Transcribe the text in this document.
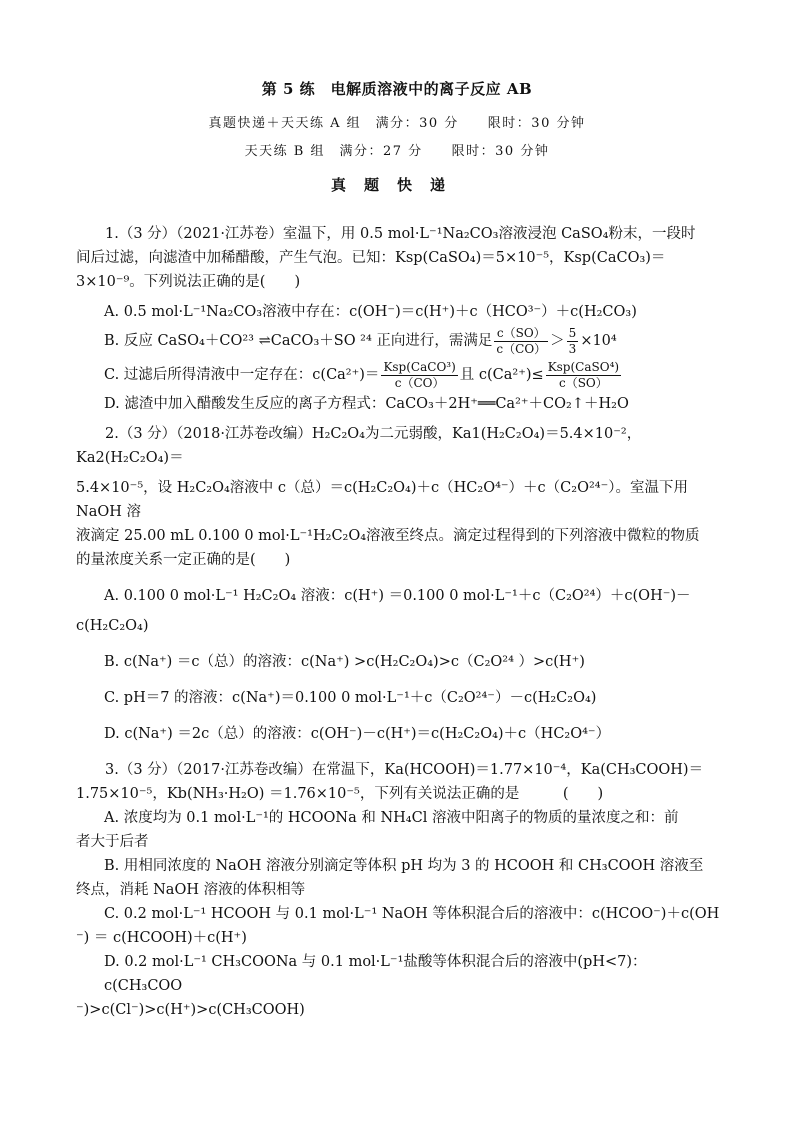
第 5 练　电解质溶液中的离子反应 AB

真题快递＋天天练 A 组　满分：30 分　　限时：30 分钟

天天练 B 组　满分：27 分　　限时：30 分钟

真题快递

1.（3 分）（2021·江苏卷）室温下，用 0.5 mol·L⁻¹Na₂CO₃溶液浸泡 CaSO₄粉末，一段时

间后过滤，向滤渣中加稀醋酸，产生气泡。已知：Ksp(CaSO₄)＝5×10⁻⁵，Ksp(CaCO₃)＝

3×10⁻⁹。下列说法正确的是(　　)

A. 0.5 mol·L⁻¹Na₂CO₃溶液中存在：c(OH⁻)＝c(H⁺)＋c（HCO³⁻）＋c(H₂CO₃)

B. 反应 CaSO₄＋CO²³ ⇌CaCO₃＋SO ²⁴ 正向进行，需满足 $\frac{c(SO)}{c(CO)} > \frac{5}{3} \times 10^4$

C. 过滤后所得清液中一定存在：$c(Ca^{2+})= \frac{\text{Ksp(CaCO³)}}{c(CO)}$ 且 $c(Ca^{2+})\le \frac{\text{Ksp(CaSO⁴)}}{c(SO)}$

D. 滤渣中加入醋酸发生反应的离子方程式：CaCO₃＋2H⁺══Ca²⁺＋CO₂↑＋H₂O

2.（3 分）（2018·江苏卷改编）H₂C₂O₄为二元弱酸，Ka1(H₂C₂O₄)＝5.4×10⁻²，Ka2(H₂C₂O₄)＝

5.4×10⁻⁵，设 H₂C₂O₄溶液中 c（总）＝c(H₂C₂O₄)＋c（HC₂O⁴⁻）＋c（C₂O²⁴⁻）。室温下用 NaOH 溶

液滴定 25.00 mL 0.100 0 mol·L⁻¹H₂C₂O₄溶液至终点。滴定过程得到的下列溶液中微粒的物质

的量浓度关系一定正确的是(　　)

A. 0.100 0 mol·L⁻¹ H₂C₂O₄ 溶液：c(H⁺) ＝0.100 0 mol·L⁻¹＋c（C₂O²⁴）＋c(OH⁻)－

c(H₂C₂O₄)

B. c(Na⁺) ＝c（总）的溶液：c(Na⁺) >c(H₂C₂O₄)>c（C₂O²⁴ ）>c(H⁺)

C. pH＝7 的溶液：c(Na⁺)＝0.100 0 mol·L⁻¹＋c（C₂O²⁴⁻）－c(H₂C₂O₄)

D. c(Na⁺) ＝2c（总）的溶液：c(OH⁻)－c(H⁺)＝c(H₂C₂O₄)＋c（HC₂O⁴⁻）

3.（3 分）（2017·江苏卷改编）在常温下，Ka(HCOOH)＝1.77×10⁻⁴，Ka(CH₃COOH)＝

1.75×10⁻⁵，Kb(NH₃·H₂O) ＝1.76×10⁻⁵，下列有关说法正确的是　　　(　　)

A. 浓度均为 0.1 mol·L⁻¹的 HCOONa 和 NH₄Cl 溶液中阳离子的物质的量浓度之和：前

者大于后者

B. 用相同浓度的 NaOH 溶液分别滴定等体积 pH 均为 3 的 HCOOH 和 CH₃COOH 溶液至

终点，消耗 NaOH 溶液的体积相等

C. 0.2 mol·L⁻¹ HCOOH 与 0.1 mol·L⁻¹ NaOH 等体积混合后的溶液中：c(HCOO⁻)＋c(OH

⁻) ＝ c(HCOOH)＋c(H⁺)

D. 0.2 mol·L⁻¹ CH₃COONa 与 0.1 mol·L⁻¹盐酸等体积混合后的溶液中(pH<7)：c(CH₃COO

⁻)>c(Cl⁻)>c(H⁺)>c(CH₃COOH)
